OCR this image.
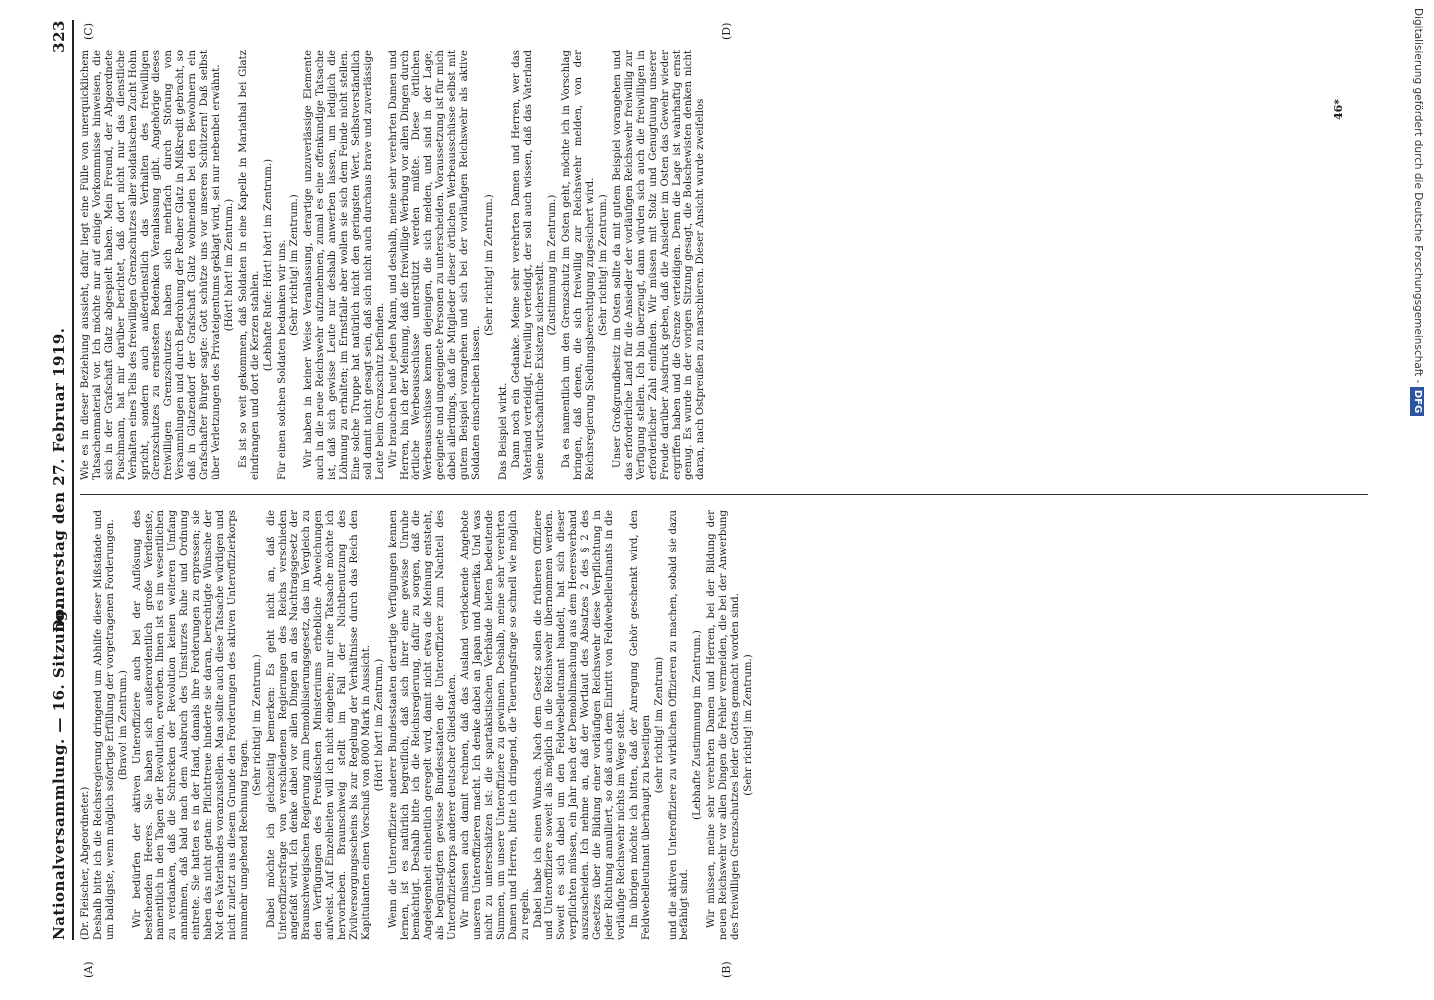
Nationalversammlung. — 16. Sitzung.
Donnerstag den 27. Februar 1919.
323

(Dr. Fleischer, Abgeordneter.) Deshalb bitte ich die Reichsregierung dringend um Abhilfe dieser Mißstände und um baldigste, wenn möglich sofortige Erfüllung der vorgetragenen Forderungen. (Bravo! im Zentrum.) Wir bedürfen der aktiven Unteroffiziere auch bei der Auflösung des bestehenden Heeres. Sie haben sich außerordentlich große Verdienste, namentlich in den Tagen der Revolution, erworben. Ihnen ist es im wesentlichen zu verdanken, daß die Schrecken der Revolution keinen weiteren Umfang annahmen, daß bald nach dem Ausbruch des Umsturzes Ruhe und Ordnung eintrete. Sie hatten es in der Hand, damals ihre Forderungen zu erpressen; sie haben das nicht getan: Pflichttreue hinderte sie daran, berechtigte Wünsche der Not des Vaterlandes voranzustellen. Man sollte auch diese Tatsache würdigen und nicht zuletzt aus diesem Grunde den Forderungen des aktiven Unteroffizierkorps nunmehr umgehend Rechnung tragen.

(Sehr richtig! im Zentrum.) Dabei möchte ich gleichzeitig bemerken: Es geht nicht an, daß die Unteroffiziersfrage von verschiedenen Regierungen des Reichs verschieden angefaßt wird. Ich denke dabei vor allen Dingen an das Nachtragsgesetz der Braunschweigischen Regierung zum Demobilisierungsgesetz, das im Vergleich zu den Verfügungen des Preußischen Ministeriums erhebliche Abweichungen aufweist. Auf Einzelheiten will ich nicht eingehen; nur eine Tatsache möchte ich hervorheben. Braunschweig stellt im Fall der Nichtbenutzung des Zivilversorgungsscheins bis zur Regelung der Verhältnisse durch das Reich den Kapitulanten einen Vorschuß von 8000 Mark in Aussicht. (Hört! hört! im Zentrum.) Wenn die Unteroffiziere anderer Bundesstaaten derartige Verfügungen kennen lernen, ist es natürlich begreiflich, daß sich ihrer eine gewisse Unruhe bemächtigt. Deshalb bitte ich die Reichsregierung, dafür zu sorgen, daß die Angelegenheit einheitlich geregelt wird, damit nicht etwa die Meinung entsteht, als begünstigten gewisse Bundesstaaten die Unteroffiziere zum Nachteil des Unteroffizierkorps anderer deutscher Gliedstaaten. Wir müssen auch damit rechnen, daß das Ausland verlockende Angebote unseren Unteroffizieren macht. Ich denke dabei an Japan und Amerika. Und was nicht zu unterschätzen ist: die spartakistischen Verbände bieten bedeutende Summen, um unsere Unteroffiziere zu gewinnen. Deshalb, meine sehr verehrten Damen und Herren, bitte ich dringend, die Teuerungsfrage so schnell wie möglich zu regeln. Dabei habe ich einen Wunsch. Nach dem Gesetz sollen die früheren Offiziere und Unteroffiziere soweit als möglich in die Reichswehr übernommen werden. Soweit es sich dabei um den Feldwebelleutnant handelt, hat sich dieser verpflichten müssen, ein Jahr nach der Demobilmachung aus dem Heeresverband auszuscheiden. Ich nehme an, daß der Wortlaut des Absatzes 2 des § 2 des Gesetzes über die Bildung einer vorläufigen Reichswehr diese Verpflichtung in jeder Richtung annulliert, so daß auch dem Eintritt von Feldwebelleutnants in die vorläufige Reichswehr nichts im Wege steht. Im übrigen möchte ich bitten, daß der Anregung Gehör geschenkt wird, den Feldwebelleutnant überhaupt zu beseitigen (sehr richtig! im Zentrum) und die aktiven Unteroffiziere zu wirklichen Offizieren zu machen, sobald sie dazu befähigt sind.

(Lebhafte Zustimmung im Zentrum.) Wir müssen, meine sehr verehrten Damen und Herren, bei der Bildung der neuen Reichswehr vor allen Dingen die Fehler vermeiden, die bei der Anwerbung des freiwilligen Grenzschutzes leider Gottes gemacht worden sind. (Sehr richtig! im Zentrum.)

Wie es in dieser Beziehung aussieht, dafür liegt eine Fülle von unerquicklichem Tatsachenmaterial vor. Ich möchte nur auf einige Vorkommnisse hinweisen, die sich in der Grafschaft Glatz abgespielt haben. Mein Freund, der Abgeordnete Puschmann, hat mir darüber berichtet, daß dort nicht nur das dienstliche Verhalten eines Teils des freiwilligen Grenzschutzes aller soldatischen Zucht Hohn spricht, sondern auch außerdienstlich das Verhalten des freiwilligen Grenzschutzes zu ernstesten Bedenken Veranlassung gibt. Angehörige dieses freiwilligen Grenzschutzes haben sich mehrfach durch Störung von Versammlungen und durch Bedrohung der Redner Glatz in Mißkredit gebracht, so daß in Glatzendorf der Grafschaft Glatz wohnenden bei den Bewohnern ein Grafschafter Bürger sagte: Gott schütze uns vor unseren Schützern! Daß selbst über Verletzungen des Privateigentums geklagt wird, sei nur nebenbei erwähnt. (Hört! hört! im Zentrum.) Es ist so weit gekommen, daß Soldaten in eine Kapelle in Mariathal bei Glatz eindrangen und dort die Kerzen stahlen.

(Lebhafte Rufe: Hört! hört! im Zentrum.) Für einen solchen Soldaten bedanken wir uns. (Sehr richtig! im Zentrum.) Wir haben in keiner Weise Veranlassung, derartige unzuverlässige Elemente auch in die neue Reichswehr aufzunehmen, zumal es eine offenkundige Tatsache ist, daß sich gewisse Leute nur deshalb anwerben lassen, um lediglich die Löhnung zu erhalten; im Ernstfalle aber wollen sie sich dem Feinde nicht stellen. Eine solche Truppe hat natürlich nicht den geringsten Wert. Selbstverständlich soll damit nicht gesagt sein, daß sich nicht auch durchaus brave und zuverlässige Leute beim Grenzschutz befinden. Wir brauchen heute jeden Mann, und deshalb, meine sehr verehrten Damen und Herren, bin ich der Meinung, daß die freiwillige Werbung vor allen Dingen durch örtliche Werbeausschüsse unterstützt werden müßte. Diese örtlichen Werbeausschüsse kennen diejenigen, die sich melden, und sind in der Lage, geeignete und ungeeignete Personen zu unterscheiden. Voraussetzung ist für mich dabei allerdings, daß die Mitglieder dieser örtlichen Werbeausschüsse selbst mit gutem Beispiel vorangehen und sich bei der vorläufigen Reichswehr als aktive Soldaten einschreiben lassen.

(Sehr richtig! im Zentrum.)

Das Beispiel wirkt. Dann noch ein Gedanke. Meine sehr verehrten Damen und Herren, wer das Vaterland verteidigt, freiwillig verteidigt, der soll auch wissen, daß das Vaterland seine wirtschaftliche Existenz sicherstellt. (Zustimmung im Zentrum.) Da es namentlich um den Grenzschutz im Osten geht, möchte ich in Vorschlag bringen, daß denen, die sich freiwillig zur Reichswehr melden, von der Reichsregierung Siedlungsberechtigung zugesichert wird. (Sehr richtig! im Zentrum.) Unser Großgrundbesitz im Osten sollte da mit gutem Beispiel vorangehen und das erforderliche Land für die Ansiedler der vorläufigen Reichswehr freiwillig zur Verfügung stellen. Ich bin überzeugt, dann würden sich auch die freiwilligen in erforderlicher Zahl einfinden. Wir müssen mit Stolz und Genugtuung unserer Freude darüber Ausdruck geben, daß die Ansiedler im Osten das Gewehr wieder ergriffen haben und die Grenze verteidigen. Denn die Lage ist wahrhaftig ernst genug. Es wurde in der vorigen Sitzung gesagt, die Bolschewisten denken nicht daran, nach Ostpreußen zu marschieren. Dieser Ansicht wurde zweifellos

(A)	(B)
(C)	(D)
46*	Digitalisierung gefördert durch die Deutsche Forschungsgemeinschaft - DFG
